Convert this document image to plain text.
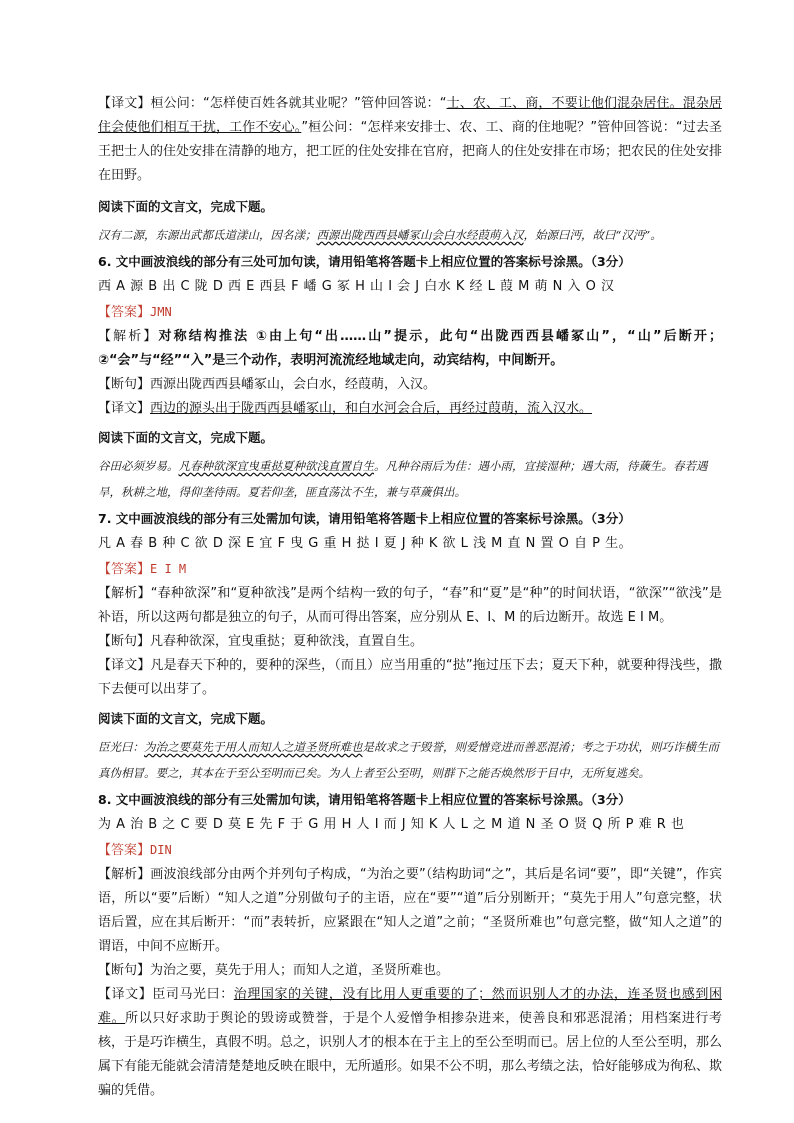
【译文】桓公问：“怎样使百姓各就其业呢？”管仲回答说：“士、农、工、商，不要让他们混杂居住。混杂居住会使他们相互干扰，工作不安心。”桓公问：“怎样来安排士、农、工、商的住地呢？”管仲回答说：“过去圣王把士人的住处安排在清静的地方，把工匠的住处安排在官府，把商人的住处安排在市场；把农民的住处安排在田野。

阅读下面的文言文，完成下题。

汉有二源，东源出武都氐道漾山，因名漾；西源出陇西西县嶓冢山会白水经葭萌入汉，始源曰沔，故曰“汉沔”。

6. 文中画波浪线的部分有三处可加句读，请用铅笔将答题卡上相应位置的答案标号涂黑。（3分）

西 A 源 B 出 C 陇 D 西 E 西县 F 嶓 G 冢 H 山 I 会 J 白水 K 经 L 葭 M 萌 N 入 O 汉

【答案】JMN

【解析】对称结构推法 ①由上句“出……山”提示，此句“出陇西西县嶓冢山”，“山”后断开；②“会”与“经”“入”是三个动作，表明河流流经地域走向，动宾结构，中间断开。

【断句】西源出陇西西县嶓冢山，会白水，经葭萌，入汉。

【译文】西边的源头出于陇西西县嶓冢山，和白水河会合后，再经过葭萌，流入汉水。

阅读下面的文言文，完成下题。

谷田必须岁易。凡春种欲深宜曳重挞夏种欲浅直置自生。凡种谷雨后为佳：遇小雨，宜接湿种；遇大雨，待薉生。春若遇旱，秋耕之地，得仰垄待雨。夏若仰垄，匪直荡汰不生，兼与草薉俱出。

7. 文中画波浪线的部分有三处需加句读，请用铅笔将答题卡上相应位置的答案标号涂黑。（3分）

凡 A 春 B 种 C 欲 D 深 E 宜 F 曳 G 重 H 挞 I 夏 J 种 K 欲 L 浅 M 直 N 置 O 自 P 生。

【答案】E I M

【解析】“春种欲深”和“夏种欲浅”是两个结构一致的句子，“春”和“夏”是“种”的时间状语，“欲深”“欲浅”是补语，所以这两句都是独立的句子，从而可得出答案，应分别从 E、I、M 的后边断开。故选 E I M。

【断句】凡春种欲深，宜曳重挞；夏种欲浅，直置自生。

【译文】凡是春天下种的，要种的深些，（而且）应当用重的“挞”拖过压下去；夏天下种，就要种得浅些，撒下去便可以出芽了。

阅读下面的文言文，完成下题。

臣光曰：为治之要莫先于用人而知人之道圣贤所难也是故求之于毁誉，则爱憎竞进而善恶混淆；考之于功状，则巧诈横生而真伪相冒。要之，其本在于至公至明而已矣。为人上者至公至明，则群下之能否焕然形于目中，无所复逃矣。

8. 文中画波浪线的部分有三处需加句读，请用铅笔将答题卡上相应位置的答案标号涂黑。（3分）

为 A 治 B 之 C 要 D 莫 E 先 F 于 G 用 H 人 I 而 J 知 K 人 L 之 M 道 N 圣 O 贤 Q 所 P 难 R 也

【答案】DIN

【解析】画波浪线部分由两个并列句子构成，“为治之要”（结构助词“之”，其后是名词“要”，即“关键”，作宾语，所以“要”后断）“知人之道”分别做句子的主语，应在“要”“道”后分别断开；“莫先于用人”句意完整，状语后置，应在其后断开：“而”表转折，应紧跟在“知人之道”之前；“圣贤所难也”句意完整，做“知人之道”的谓语，中间不应断开。

【断句】为治之要，莫先于用人；而知人之道，圣贤所难也。

【译文】臣司马光曰：治理国家的关键，没有比用人更重要的了；然而识别人才的办法，连圣贤也感到困难。所以只好求助于舆论的毁谤或赞誉，于是个人爱憎争相掺杂进来，使善良和邪恶混淆；用档案进行考核，于是巧诈横生，真假不明。总之，识别人才的根本在于主上的至公至明而已。居上位的人至公至明，那么属下有能无能就会清清楚楚地反映在眼中，无所遁形。如果不公不明，那么考绩之法，恰好能够成为徇私、欺骗的凭借。
